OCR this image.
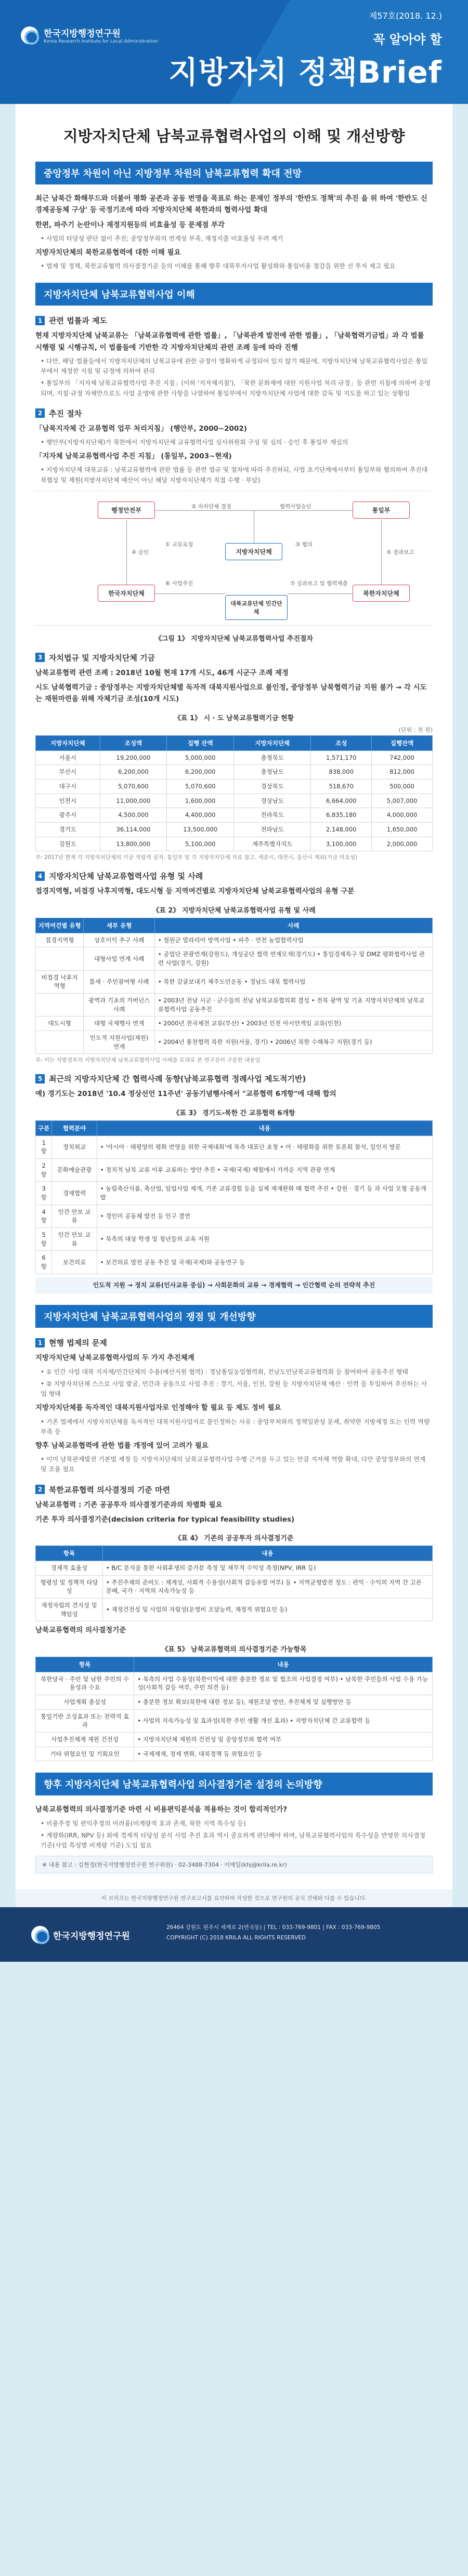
한국지방행정연구원
Korea Research Institute for Local Administration
제57호(2018. 12.)
꼭 알아야 할
지방자치 정책Brief
지방자치단체 남북교류협력사업의 이해 및 개선방향
중앙정부 차원이 아닌 지방정부 차원의 남북교류협력 확대 전망

최근 남북간 화해무드와 더불어 평화 공존과 공동 번영을 목표로 하는 문재인 정부의 '한반도 정책'의 추진 을 위 하여 '한반도 신경제공동체 구상' 등 국정기조에 따라 지방자치단체 북한과의 협력사업 확대

한편, 파주기 논란이나 재정지원등의 비효율성 등 문제점 부각

• 사업의 타당성 판단 없이 추진; 중앙정부와의 연계성 부족, 재정지출 비효율성 우려 제기

지방자치단체의 북한교류협력에 대한 이해 필요

• 법제 및 정책, 북한교류협력 의사결정기준 등의 이해를 통해 향후 대북투자사업 활성화와 통일비용 절감을 위한 선 투자 제고 필요

지방자치단체 남북교류협력사업 이해
1 관련 법률과 제도

현재 지방자치단체 남북교류는 「남북교류협력에 관한 법률」, 「남북관계 발전에 관한 법률」, 「남북협력기금법」과 각 법률 시행령 및 시행규칙, 이 법률들에 기반한 각 지방자치단체의 관련 조례 등에 따라 진행

• 다만, 해당 법률들에서 지방자치단체의 남북교류에 관한 규정이 명확하게 규정되어 있지 않기 때문에, 지방자치단체 남북교류협력사업은 통일부에서 제정한 지침 및 규정에 의하여 관리

• 통일부의 「지자체 남북교류협력사업 추진 지침」(이하 '지자체지침'), 「북한 문화재에 대한 지원사업 처리 규정」등 관련 지침에 의하여 운영되며, 지침·규정 자체만으로도 사업 운영에 관한 사항을 나열하여 통일부에서 지방자치단체 사업에 대한 감독 및 지도를 하고 있는 상황임

2 추진 절차

「남북지자체 간 교류협력 업무 처리지침」 (행안부, 2000~2002)

• 행안부(지방자치단체)가 북한에서 지방자치단체 교류협력사업 심사위원회 구성 및 심의 · 승인 후 통일부 재심의

「지자체 남북교류협력사업 추진 지침」 (통일부, 2003~현재)

• 지방자치단체 대북교류 : 남북교류협력에 관한 법률 등 관련 법규 및 절차에 따라 추진하되, 사업 초기단계에서부터 통일부와 협의하여 추진대북협상 및 제원(지방자치단체 예산이 아닌 해당 지방자치단체가 직접 수행 · 부담)

행정안전부	통일부
지방자치단체
한국자치단체	북한자치단체
대북교류단체 민간단체
② 자치단체 결정	협력사업승인
① 교류요청	③ 협의
④ 승인	⑤ 결과보고
⑥ 사업추진	⑦ 실과보고 및 협력제출
《그림 1》 지방자치단체 남북교류협력사업 추진절차
3 자치법규 및 지방자치단체 기금

남북교류협력 관련 조례 : 2018년 10월 현재 17개 시도, 46개 시군구 조례 제정

시도 남북협력기금 : 중앙정부는 지방자치단체별 독자적 대북지원사업으로 불인정, 중앙정부 남북협력기금 지원 불가 → 각 시도는 재원마련을 위해 자체기금 조성(10개 시도)

《표 1》 시 · 도 남북교류협력기금 현황
(단위 : 천 원)
지방자치단체	조성액	집행 잔액	지방자치단체	조성	집행잔액
서울시	19,200,000	5,000,000	충청북도	1,571,170	742,000
부산시	6,200,000	6,200,000	충청남도	838,000	812,000
대구시	5,070,600	5,070,600	경상북도	518,670	500,000
인천시	11,000,000	1,600,000	경상남도	6,664,000	5,007,000
광주시	4,500,000	4,400,000	전라북도	6,835,180	4,000,000
경기도	36,114,000	13,500,000	전라남도	2,148,000	1,650,000
강원도	13,800,000	5,100,000	제주특별자치도	3,100,000	2,000,000

주: 2017년 현재 각 지방자치단체의 기금 적립액 실적. 통일부 및 각 지방자치단체 자료 참고. 세종시, 대전시, 울산시 제외(기금 미조성)

4 지방자치단체 남북교류협력사업 유형 및 사례

접경지역형, 비접경 낙후지역형, 대도시형 등 지역여건별로 지방자치단체 남북교류협력사업의 유형 구분

《표 2》 지방자치단체 남북교류협력사업 유형 및 사례
지역여건별 유형	세부 유형	사례
접경지역형	상호이익 추구 사례	• 철원군 말라리아 방역사업 • 파주 · 연천 농업협력사업
	대형사업 연계 사례	• 공업단 관광연계(강원도), 개성공단 협력 연계모색(경기도) • 통일경제특구 및 DMZ 평화협력사업 관련 사업(경기, 강원)
비접경 낙후지역형	틈새 · 주민참여형 사례	• 북한 감귤보내기 제주도민운동 • 경남도 대북 협력사업
	광역과 기초의 가버넌스 사례	• 2003년 전남 시군 · 군수들의 전남 남북교류협의회 결성 • 전북 광역 및 기초 지방자치단체의 남북교류협력사업 공동추진
대도시형	대형 국제행사 연계	• 2000년 전국체전 교류(부산) • 2003년 인천 아시안게임 교류(인천)
	인도적 지원사업(재원) 연계	• 2004년 룡천협력 북한 지원(서울, 경기) • 2006년 북한 수해복구 지원(경기 등)

주: 이는 지방정부의 지방자치단체 남북교류협력사업 사례를 토대로 본 연구진이 구분한 내용임

5 최근의 지방자치단체 간 협력사례 동향(남북교류협력 정례사업 제도적기반)

예) 경기도는 2018년 '10.4 정상선언 11주년' 공동기념행사에서 "교류협력 6개항"에 대해 합의

《표 3》 경기도-북한 간 교류협력 6개항
구분	협력분야	내용
1항	정치외교	• '아시아 · 태평양의 평화 번영을 위한 국제대회'에 북측 대표단 초청 • 아 · 태평화를 위한 토론회 참석, 일인지 방문
2항	문화예술관광	• 정치적 남북 교류 이후 교류하는 방안 추진 • 국제(국제) 체험에서 가까운 지역 관광 연계
3항	경제협력	• 농림축산식품, 축산업, 임업사업 재개, 기존 교류경험 등을 실제 제재완화 때 협력 추진 • 강원 · 경기 등 과 사업 모형 공동개발
4항	인간 안보 교류	• 경인미 공동체 발전 등 인구 결연
5항	인간 안보 교류	• 북측의 대상 학생 및 청년들의 교육 지원
6항	보건의료	• 보건의료 발전 공동 추진 및 국제(국제)와 공동연구 등

인도적 지원 → 정치 교류(인사교류 중심) → 사회문화의 교류 → 경제협력 → 인간협력 순의 전략적 추진

지방자치단체 남북교류협력사업의 쟁점 및 개선방향
1 현행 법제의 문제

지방자치단체 남북교류협력사업의 두 가지 추진체계

• ① 민간 사업 대북 지자체/민간단체의 수용(예산지원 협력) : 경남통일농업협력회, 전남도민남북교류협력회 등 참여하여 공동추진 형태

• ② 지방자치단체 스스로 사업 발굴, 민간과 공동으로 사업 추진 : 경기, 서울, 인천, 강원 등 지방자치단체 예산 · 인력 을 투입하여 추진하는 사업 형태

지방자치단체를 독자적인 대북지원사업자로 인정해야 할 필요 등 제도 정비 필요

• 기존 법제에서 지방자치단체를 독자적인 대북지원사업자로 불인정하는 사유 : 중앙부처와의 정책일관성 문제, 취약한 지방재정 또는 인력 역량 부족 등

향후 남북교류협력에 관한 법률 개정에 있어 고려가 필요

• 이미 남북관계발전 기본법 제정 등 지방자치단체의 남북교류협력사업 수행 근거를 두고 있는 만큼 지자체 역할 확대, 다만 중앙정부와의 연계 및 조율 필요

2 북한교류협력 의사결정의 기준 마련

남북교류협력 : 기존 공공투자 의사결정기준과의 차별화 필요

기존 투자 의사결정기준(decision criteria for typical feasibility studies)

《표 4》 기존의 공공투자 의사결정기준
항목	내용
경제적 효율성	• B/C 분석을 통한 사회후생의 증가분 측정 및 재무적 수익성 측정(NPV, IRR 등)
형평성 및 정책적 타당성	• 추진주체의 준비도 : 제계성, 사회적 수용성(사회적 갈등유발 여부) 등 • 지역균형발전 정도 : 편익 · 수익의 지역 간 고른 분배, 국가 · 지역의 지속가능성 등
재정자립의 견지성 및 책임성	• 재정건전성 및 사업의 자립성(운영비 조달능력, 재정적 위험요인 등)

남북교류협력의 의사결정기준

《표 5》 남북교류협력의 의사결정기준 가능항목
항목	내용
북한당국 · 주민 및 남한 주민의 수용성과 수요	• 북측의 사업 수용성(북한이익에 대한 충분한 정보 및 협조의 사업결정 여부) • 남북한 주민들의 사업 수용 가능성(사회적 갈등 여부, 주민 의견 등)
사업계획 충실성	• 충분한 정보 확보(북한에 대한 정보 등), 재원조달 방안, 추진체계 및 실행방안 등
통일기반 조성효과 또는 전략적 효과	• 사업의 지속가능성 및 효과성(북한 주민 생활 개선 효과) • 지방자치단체 간 교류협력 등
사업추진체계 재원 건전성	• 지방자치단체 재원의 건전성 및 중앙정부와 협력 여부
기타 위험요인 및 기회요인	• 국제제재, 정세 변화, 대북정책 등 위험요인 등
향후 지방자치단체 남북교류협력사업 의사결정기준 설정의 논의방향

남북교류협력의 의사결정기준 마련 시 비용편익분석을 적용하는 것이 합리적인가?

• 비용추정 및 편익추정의 어려움(비계량적 효과 존재, 북한 지역 특수성 등)

• 계량화(IRR, NPV 등) 외에 경제적 타당성 분석 사업 추진 효과 역시 중요하게 판단해야 하며, 남북교류협력사업의 특수성을 반영한 의사결정 기준(사업 특성별 비계량 기준) 도입 필요

※ 내용 참고 : 김현정(한국지방행정연구원 연구위원) · 02-3488-7304 · 이메일(khj@krila.re.kr)
이 브리프는 한국지방행정연구원 연구보고서를 요약하여 작성한 것으로 연구원의 공식 견해와 다를 수 있습니다.
한국지방행정연구원
26464 강원도 원주시 세계로 2(반곡동) | TEL : 033-769-9801 | FAX : 033-769-9805
COPYRIGHT (C) 2018 KRILA ALL RIGHTS RESERVED
